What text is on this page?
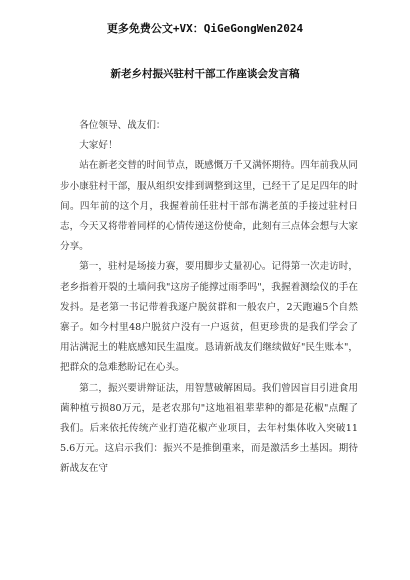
更多免费公文+VX：QiGeGongWen2024
新老乡村振兴驻村干部工作座谈会发言稿

各位领导、战友们：

大家好！

站在新老交替的时间节点，既感慨万千又满怀期待。四年前我从同步小康驻村干部，服从组织安排到调整到这里，已经干了足足四年的时间。四年前的这个月，我握着前任驻村干部布满老茧的手接过驻村日志，今天又将带着同样的心情传递这份使命，此刻有三点体会想与大家分享。

第一，驻村是场接力赛，要用脚步丈量初心。记得第一次走访时，老乡指着开裂的土墙问我"这房子能撑过雨季吗"，我握着测绘仪的手在发抖。是老第一书记带着我逐户脱贫群和一般农户，2天跑遍5个自然寨子。如今村里48户脱贫户没有一户返贫，但更珍贵的是我们学会了用沾满泥土的鞋底感知民生温度。恳请新战友们继续做好"民生账本"，把群众的急难愁盼记在心头。

第二，振兴要讲辩证法，用智慧破解困局。我们曾因盲目引进食用菌种植亏损80万元，是老农那句"这地祖祖辈辈种的都是花椒"点醒了我们。后来依托传统产业打造花椒产业项目，去年村集体收入突破115.6万元。这启示我们：振兴不是推倒重来，而是激活乡土基因。期待新战友在守
